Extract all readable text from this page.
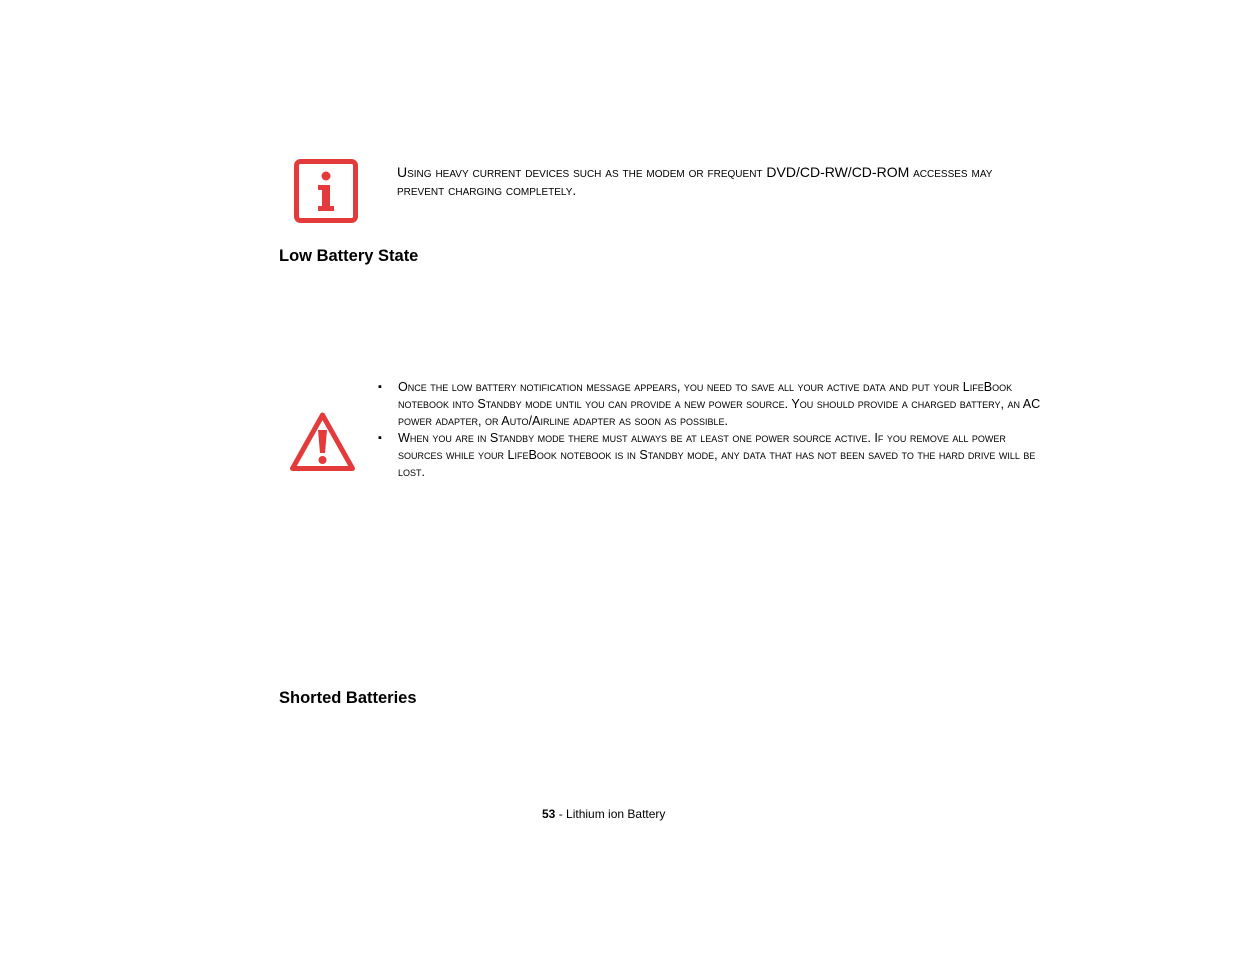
Using heavy current devices such as the modem or frequent DVD/CD-RW/CD-ROM accesses may prevent charging completely.
Low Battery State
▪ Once the low battery notification message appears, you need to save all your active data and put your LifeBook notebook into Standby mode until you can provide a new power source. You should provide a charged battery, an AC power adapter, or Auto/Airline adapter as soon as possible.
▪ When you are in Standby mode there must always be at least one power source active. If you remove all power sources while your LifeBook notebook is in Standby mode, any data that has not been saved to the hard drive will be lost.
Shorted Batteries
53 - Lithium ion Battery
